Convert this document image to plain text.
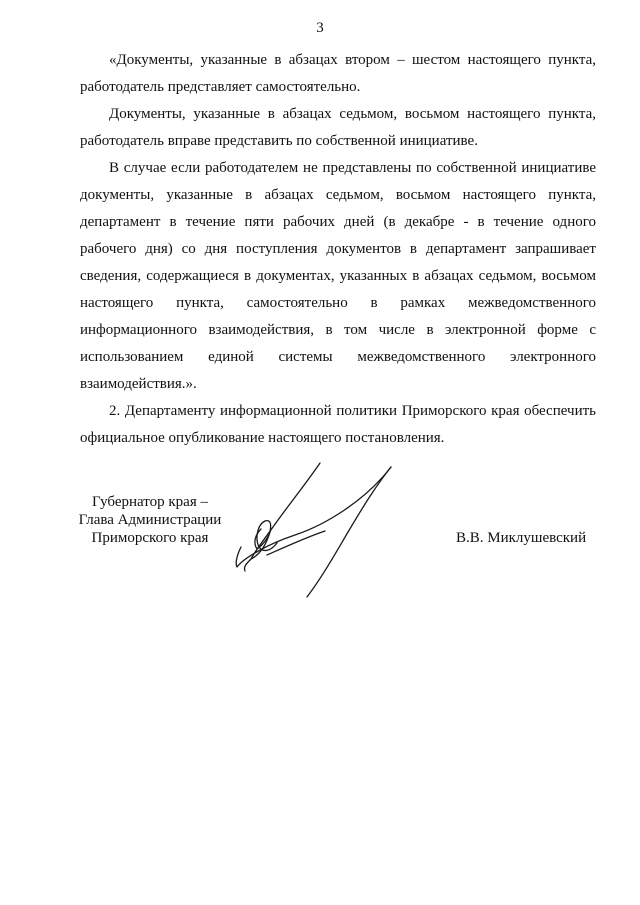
3

«Документы, указанные в абзацах втором – шестом настоящего пункта, работодатель представляет самостоятельно.

Документы, указанные в абзацах седьмом, восьмом настоящего пункта, работодатель вправе представить по собственной инициативе.

В случае если работодателем не представлены по собственной инициативе документы, указанные в абзацах седьмом, восьмом настоящего пункта, департамент в течение пяти рабочих дней (в декабре - в течение одного рабочего дня) со дня поступления документов в департамент запрашивает сведения, содержащиеся в документах, указанных в абзацах седьмом, восьмом настоящего пункта, самостоятельно в рамках межведомственного информационного взаимодействия, в том числе в электронной форме с использованием единой системы межведомственного электронного взаимодействия.».

2. Департаменту информационной политики Приморского края обеспечить официальное опубликование настоящего постановления.

Губернатор края –
Глава Администрации
Приморского края	В.В. Миклушевский
